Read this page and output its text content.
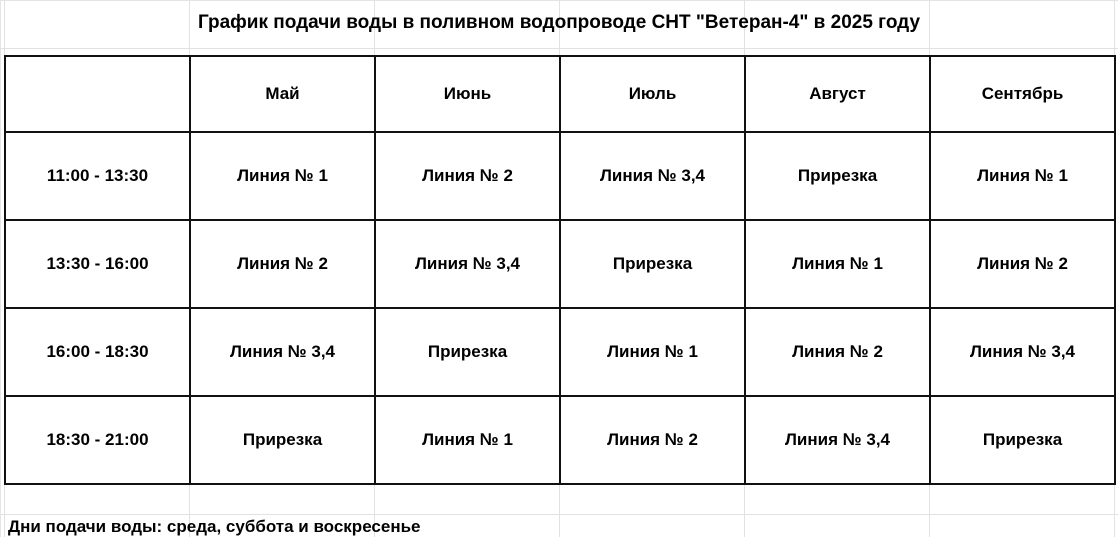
График подачи воды в поливном водопроводе СНТ "Ветеран-4" в 2025 году
	Май	Июнь	Июль	Август	Сентябрь
11:00 - 13:30	Линия № 1	Линия № 2	Линия № 3,4	Прирезка	Линия № 1
13:30 - 16:00	Линия № 2	Линия № 3,4	Прирезка	Линия № 1	Линия № 2
16:00 - 18:30	Линия № 3,4	Прирезка	Линия № 1	Линия № 2	Линия № 3,4
18:30 - 21:00	Прирезка	Линия № 1	Линия № 2	Линия № 3,4	Прирезка
Дни подачи воды: среда, суббота и воскресенье
